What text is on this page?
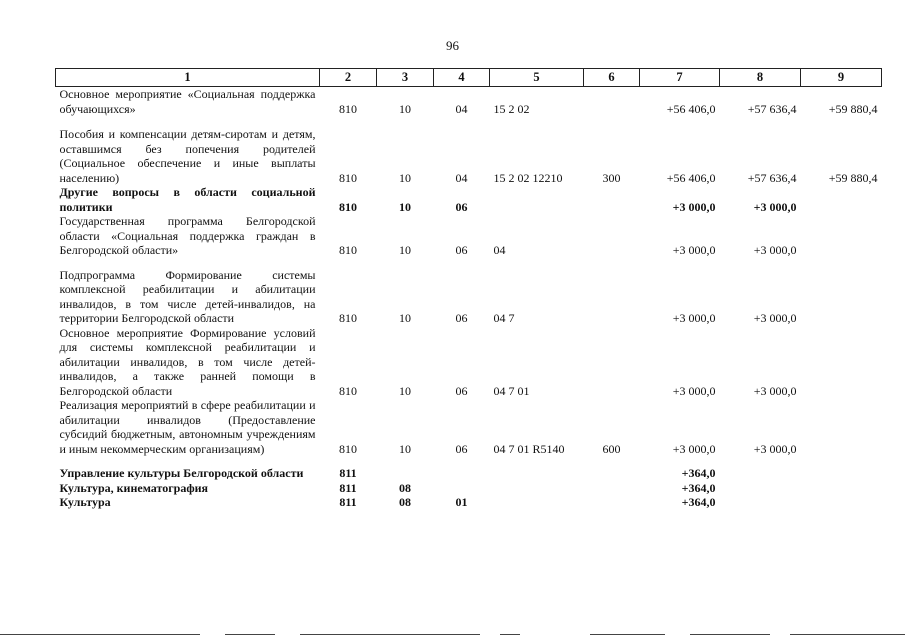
96
1	2	3	4	5	6	7	8	9
Основное мероприятие «Социальная поддержка обучающихся»	810	10	04	15 2 02		+56 406,0	+57 636,4	+59 880,4
Пособия и компенсации детям-сиротам и детям, оставшимся без попечения родителей (Социальное обеспечение и иные выплаты населению)	810	10	04	15 2 02 12210	300	+56 406,0	+57 636,4	+59 880,4
Другие вопросы в области социальной политики	810	10	06			+3 000,0	+3 000,0	
Государственная программа Белгородской области «Социальная поддержка граждан в Белгородской области»	810	10	06	04		+3 000,0	+3 000,0	
Подпрограмма Формирование системы комплексной реабилитации и абилитации инвалидов, в том числе детей-инвалидов, на территории Белгородской области	810	10	06	04 7		+3 000,0	+3 000,0	
Основное мероприятие Формирование условий для системы комплексной реабилитации и абилитации инвалидов, в том числе детей-инвалидов, а также ранней помощи в Белгородской области	810	10	06	04 7 01		+3 000,0	+3 000,0	
Реализация мероприятий в сфере реабилитации и абилитации инвалидов (Предоставление субсидий бюджетным, автономным учреждениям и иным некоммерческим организациям)	810	10	06	04 7 01 R5140	600	+3 000,0	+3 000,0	
Управление культуры Белгородской области	811					+364,0		
Культура, кинематография	811	08				+364,0		
Культура	811	08	01			+364,0		
